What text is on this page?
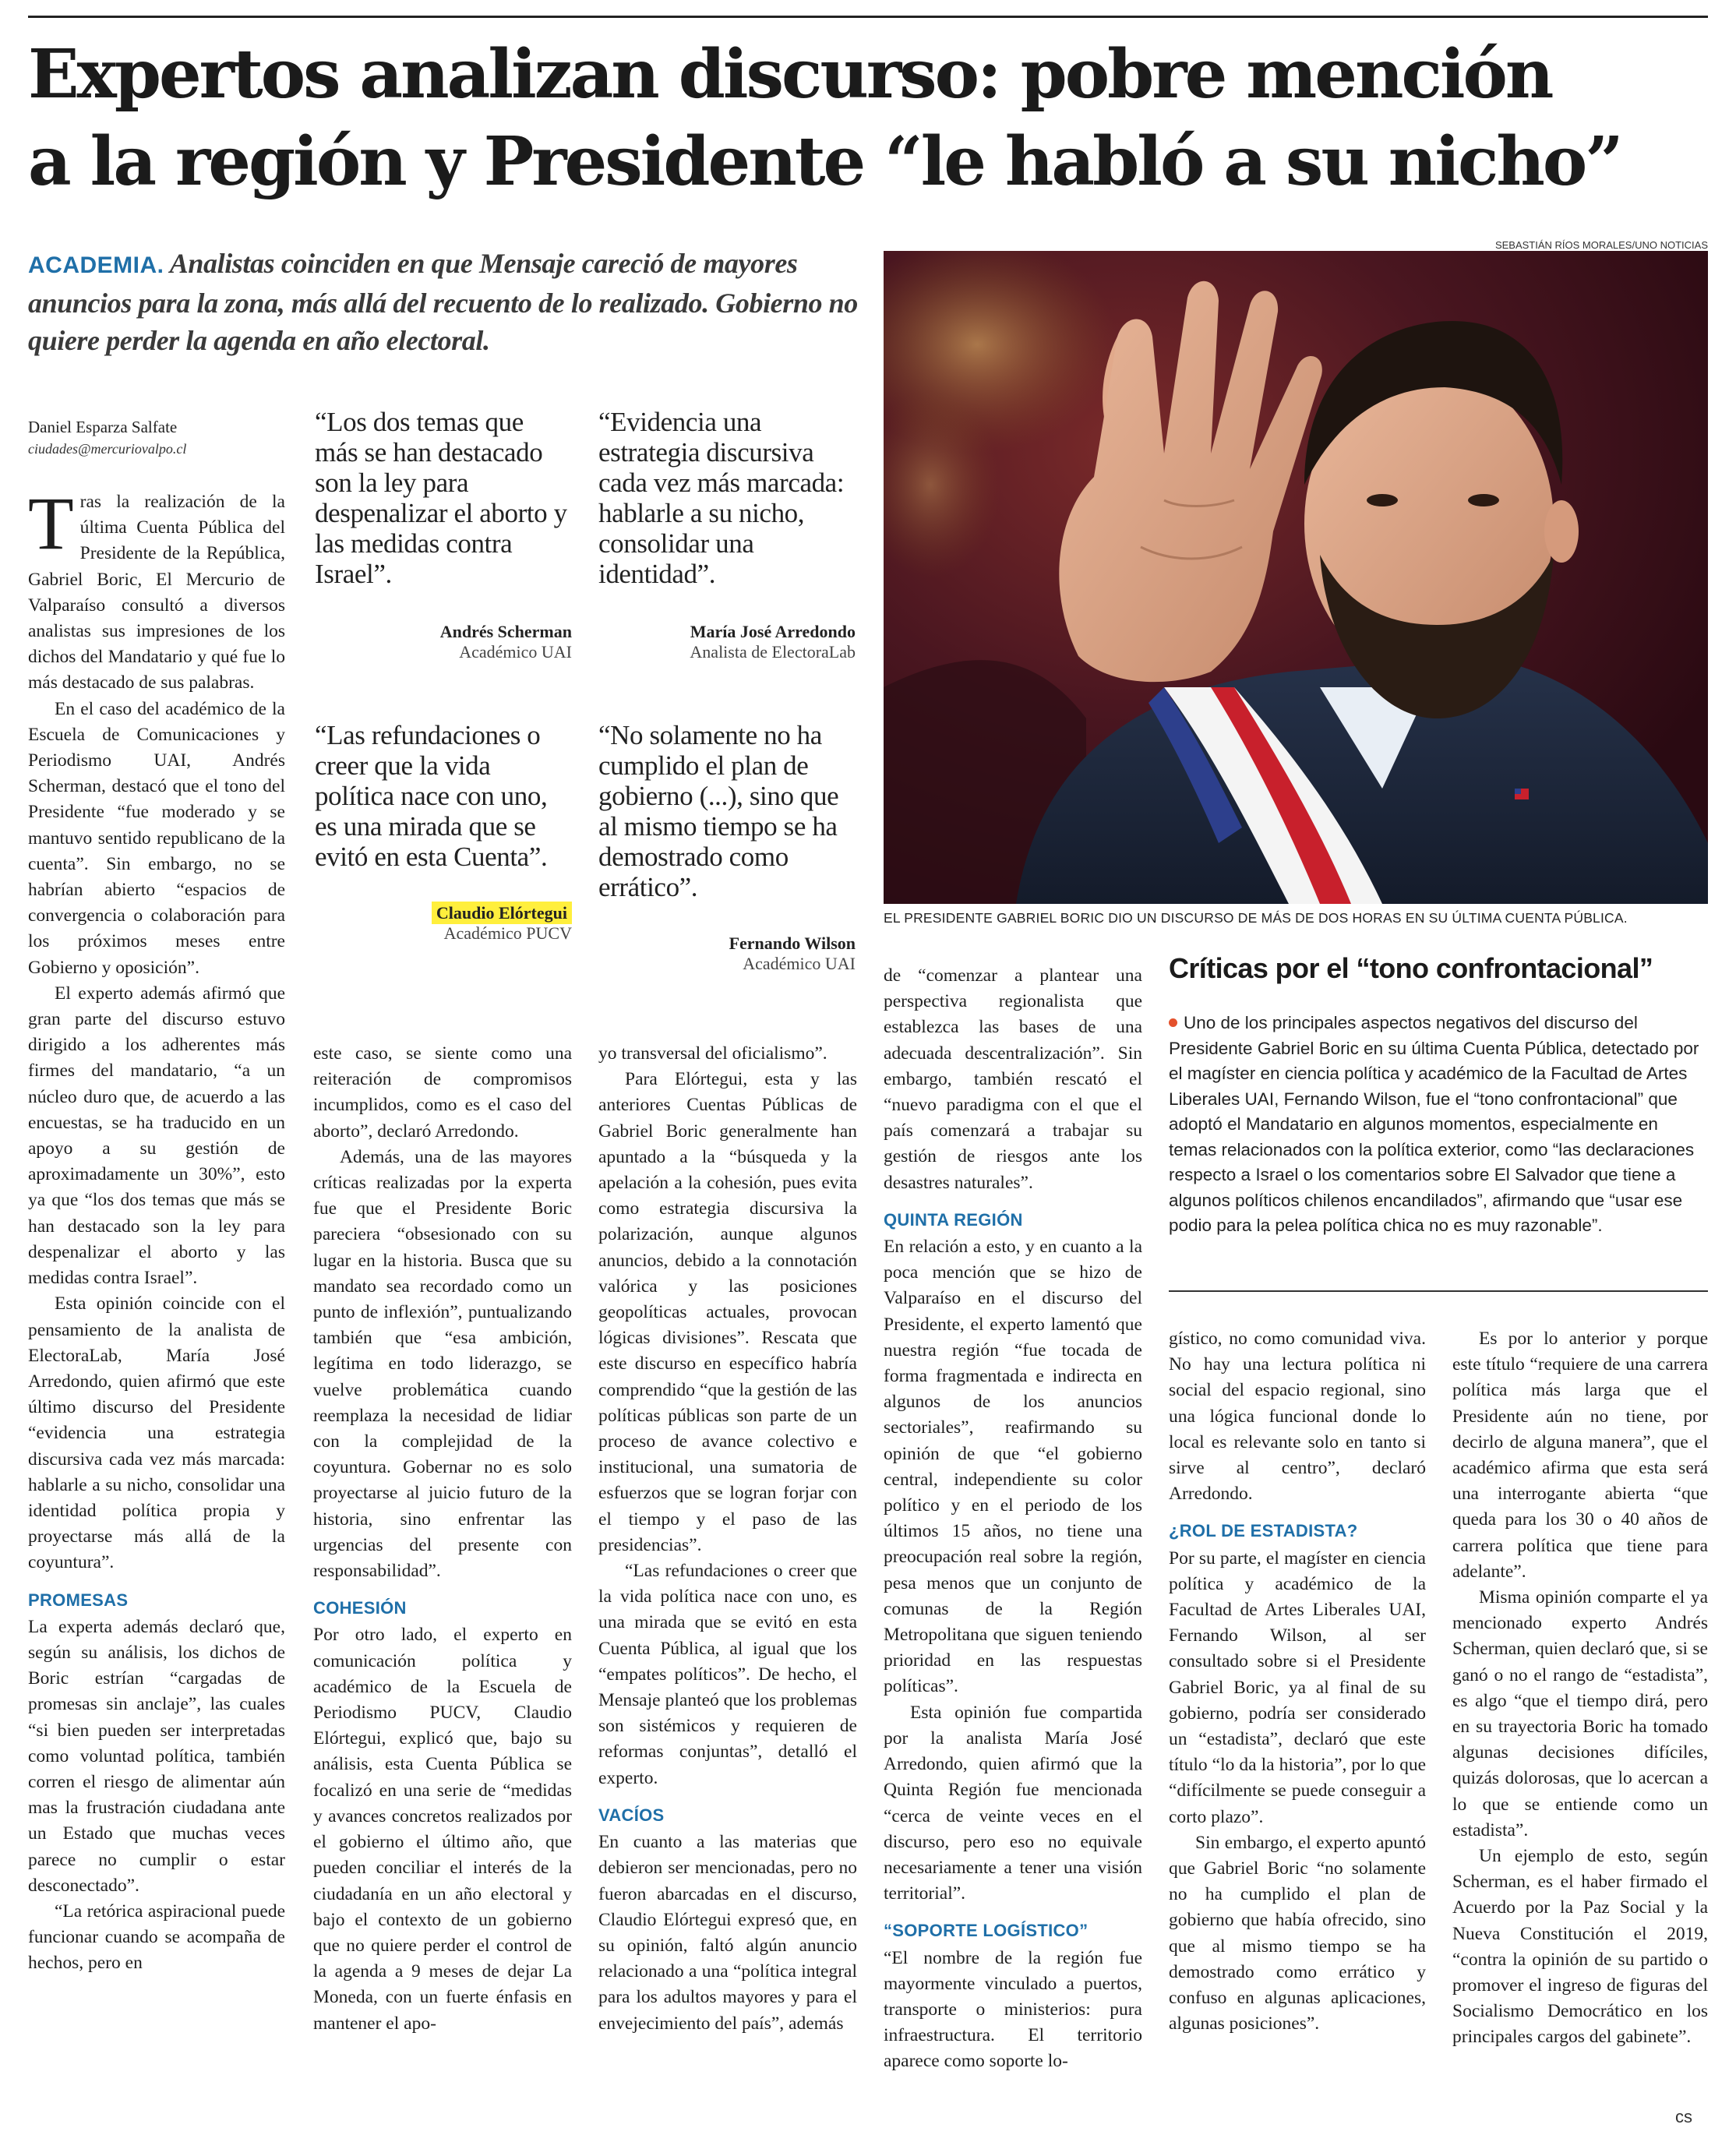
Expertos analizan discurso: pobre mención
a la región y Presidente “le habló a su nicho”
SEBASTIÁN RÍOS MORALES/UNO NOTICIAS
ACADEMIA. Analistas coinciden en que Mensaje careció de mayores anuncios para la zona, más allá del recuento de lo realizado. Gobierno no quiere perder la agenda en año electoral.
EL PRESIDENTE GABRIEL BORIC DIO UN DISCURSO DE MÁS DE DOS HORAS EN SU ÚLTIMA CUENTA PÚBLICA.
Daniel Esparza Salfate
ciudades@mercuriovalpo.cl

Tras la realización de la última Cuenta Pública del Presidente de la República, Gabriel Boric, El Mercurio de Valparaíso consultó a diversos analistas sus impresiones de los dichos del Mandatario y qué fue lo más destacado de sus palabras.

En el caso del académico de la Escuela de Comunicaciones y Periodismo UAI, Andrés Scherman, destacó que el tono del Presidente “fue moderado y se mantuvo sentido republicano de la cuenta”. Sin embargo, no se habrían abierto “espacios de convergencia o colaboración para los próximos meses entre Gobierno y oposición”.

El experto además afirmó que gran parte del discurso estuvo dirigido a los adherentes más firmes del mandatario, “a un núcleo duro que, de acuerdo a las encuestas, se ha traducido en un apoyo a su gestión de aproximadamente un 30%”, esto ya que “los dos temas que más se han destacado son la ley para despenalizar el aborto y las medidas contra Israel”.

Esta opinión coincide con el pensamiento de la analista de ElectoraLab, María José Arredondo, quien afirmó que este último discurso del Presidente “evidencia una estrategia discursiva cada vez más marcada: hablarle a su nicho, consolidar una identidad política propia y proyectarse más allá de la coyuntura”.

PROMESAS

La experta además declaró que, según su análisis, los dichos de Boric estrían “cargadas de promesas sin anclaje”, las cuales “si bien pueden ser interpretadas como voluntad política, también corren el riesgo de alimentar aún mas la frustración ciudadana ante un Estado que muchas veces parece no cumplir o estar desconectado”.

“La retórica aspiracional puede funcionar cuando se acompaña de hechos, pero en

“Los dos temas que más se han destacado son la ley para despenalizar el aborto y las medidas contra Israel”.
Andrés Scherman
Académico UAI
“Evidencia una estrategia discursiva cada vez más marcada: hablarle a su nicho, consolidar una identidad”.
María José Arredondo
Analista de ElectoraLab
“Las refundaciones o creer que la vida política nace con uno, es una mirada que se evitó en esta Cuenta”.
Claudio Elórtegui
Académico PUCV
“No solamente no ha cumplido el plan de gobierno (...), sino que al mismo tiempo se ha demostrado como errático”.
Fernando Wilson
Académico UAI

este caso, se siente como una reiteración de compromisos incumplidos, como es el caso del aborto”, declaró Arredondo.

Además, una de las mayores críticas realizadas por la experta fue que el Presidente Boric pareciera “obsesionado con su lugar en la historia. Busca que su mandato sea recordado como un punto de inflexión”, puntualizando también que “esa ambición, legítima en todo liderazgo, se vuelve problemática cuando reemplaza la necesidad de lidiar con la complejidad de la coyuntura. Gobernar no es solo proyectarse al juicio futuro de la historia, sino enfrentar las urgencias del presente con responsabilidad”.

COHESIÓN

Por otro lado, el experto en comunicación política y académico de la Escuela de Periodismo PUCV, Claudio Elórtegui, explicó que, bajo su análisis, esta Cuenta Pública se focalizó en una serie de “medidas y avances concretos realizados por el gobierno el último año, que pueden conciliar el interés de la ciudadanía en un año electoral y bajo el contexto de un gobierno que no quiere perder el control de la agenda a 9 meses de dejar La Moneda, con un fuerte énfasis en mantener el apo-

yo transversal del oficialismo”.

Para Elórtegui, esta y las anteriores Cuentas Públicas de Gabriel Boric generalmente han apuntado a la “búsqueda y la apelación a la cohesión, pues evita como estrategia discursiva la polarización, aunque algunos anuncios, debido a la connotación valórica y las posiciones geopolíticas actuales, provocan lógicas divisiones”. Rescata que este discurso en específico habría comprendido “que la gestión de las políticas públicas son parte de un proceso de avance colectivo e institucional, una sumatoria de esfuerzos que se logran forjar con el tiempo y el paso de las presidencias”.

“Las refundaciones o creer que la vida política nace con uno, es una mirada que se evitó en esta Cuenta Pública, al igual que los “empates políticos”. De hecho, el Mensaje planteó que los problemas son sistémicos y requieren de reformas conjuntas”, detalló el experto.

VACÍOS

En cuanto a las materias que debieron ser mencionadas, pero no fueron abarcadas en el discurso, Claudio Elórtegui expresó que, en su opinión, faltó algún anuncio relacionado a una “política integral para los adultos mayores y para el envejecimiento del país”, además

de “comenzar a plantear una perspectiva regionalista que establezca las bases de una adecuada descentralización”. Sin embargo, también rescató el “nuevo paradigma con el que el país comenzará a trabajar su gestión de riesgos ante los desastres naturales”.

QUINTA REGIÓN

En relación a esto, y en cuanto a la poca mención que se hizo de Valparaíso en el discurso del Presidente, el experto lamentó que nuestra región “fue tocada de forma fragmentada e indirecta en algunos de los anuncios sectoriales”, reafirmando su opinión de que “el gobierno central, independiente su color político y en el periodo de los últimos 15 años, no tiene una preocupación real sobre la región, pesa menos que un conjunto de comunas de la Región Metropolitana que siguen teniendo prioridad en las respuestas políticas”.

Esta opinión fue compartida por la analista María José Arredondo, quien afirmó que la Quinta Región fue mencionada “cerca de veinte veces en el discurso, pero eso no equivale necesariamente a tener una visión territorial”.

“SOPORTE LOGÍSTICO”

“El nombre de la región fue mayormente vinculado a puertos, transporte o ministerios: pura infraestructura. El territorio aparece como soporte lo-

Críticas por el “tono confrontacional”
Uno de los principales aspectos negativos del discurso del Presidente Gabriel Boric en su última Cuenta Pública, detectado por el magíster en ciencia política y académico de la Facultad de Artes Liberales UAI, Fernando Wilson, fue el “tono confrontacional” que adoptó el Mandatario en algunos momentos, especialmente en temas relacionados con la política exterior, como “las declaraciones respecto a Israel o los comentarios sobre El Salvador que tiene a algunos políticos chilenos encandilados”, afirmando que “usar ese podio para la pelea política chica no es muy razonable”.

gístico, no como comunidad viva. No hay una lectura política ni social del espacio regional, sino una lógica funcional donde lo local es relevante solo en tanto si sirve al centro”, declaró Arredondo.

¿ROL DE ESTADISTA?

Por su parte, el magíster en ciencia política y académico de la Facultad de Artes Liberales UAI, Fernando Wilson, al ser consultado sobre si el Presidente Gabriel Boric, ya al final de su gobierno, podría ser considerado un “estadista”, declaró que este título “lo da la historia”, por lo que “difícilmente se puede conseguir a corto plazo”.

Sin embargo, el experto apuntó que Gabriel Boric “no solamente no ha cumplido el plan de gobierno que había ofrecido, sino que al mismo tiempo se ha demostrado como errático y confuso en algunas aplicaciones, algunas posiciones”.

Es por lo anterior y porque este título “requiere de una carrera política más larga que el Presidente aún no tiene, por decirlo de alguna manera”, que el académico afirma que esta será una interrogante abierta “que queda para los 30 o 40 años de carrera política que tiene para adelante”.

Misma opinión comparte el ya mencionado experto Andrés Scherman, quien declaró que, si se ganó o no el rango de “estadista”, es algo “que el tiempo dirá, pero en su trayectoria Boric ha tomado algunas decisiones difíciles, quizás dolorosas, que lo acercan a lo que se entiende como un estadista”.

Un ejemplo de esto, según Scherman, es el haber firmado el Acuerdo por la Paz Social y la Nueva Constitución el 2019, “contra la opinión de su partido o promover el ingreso de figuras del Socialismo Democrático en los principales cargos del gabinete”.

cs
